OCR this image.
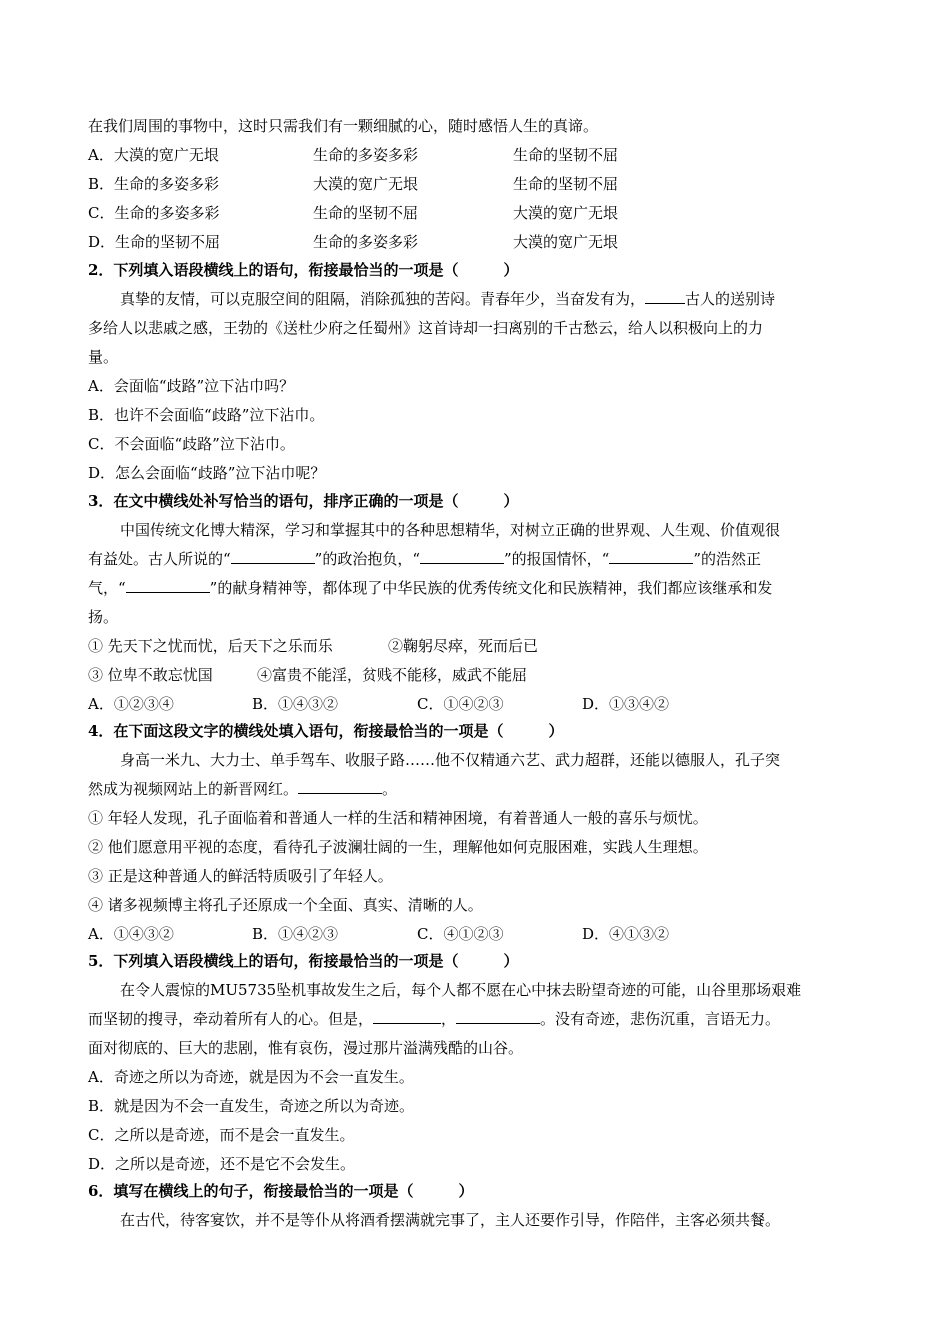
在我们周围的事物中，这时只需我们有一颗细腻的心，随时感悟人生的真谛。
A．大漠的宽广无垠	生命的多姿多彩	生命的坚韧不屈
B．生命的多姿多彩	大漠的宽广无垠	生命的坚韧不屈
C．生命的多姿多彩	生命的坚韧不屈	大漠的宽广无垠
D．生命的坚韧不屈	生命的多姿多彩	大漠的宽广无垠
2．下列填入语段横线上的语句，衔接最恰当的一项是（　　　）
真挚的友情，可以克服空间的阻隔，消除孤独的苦闷。青春年少，当奋发有为，	古人的送别诗
多给人以悲戚之感，王勃的《送杜少府之任蜀州》这首诗却一扫离别的千古愁云，给人以积极向上的力
量。
A．会面临“歧路”泣下沾巾吗？
B．也许不会面临“歧路”泣下沾巾。
C．不会面临“歧路”泣下沾巾。
D．怎么会面临“歧路”泣下沾巾呢？
3．在文中横线处补写恰当的语句，排序正确的一项是（　　　）
中国传统文化博大精深，学习和掌握其中的各种思想精华，对树立正确的世界观、人生观、价值观很
有益处。古人所说的“	”的政治抱负，“	”的报国情怀，“	”的浩然正
气，“	”的献身精神等，都体现了中华民族的优秀传统文化和民族精神，我们都应该继承和发
扬。
① 先天下之忧而忧，后天下之乐而乐	②鞠躬尽瘁，死而后已
③ 位卑不敢忘忧国	④富贵不能淫，贫贱不能移，威武不能屈
A．①②③④	B．①④③②	C．①④②③	D．①③④②
4．在下面这段文字的横线处填入语句，衔接最恰当的一项是（　　　）
身高一米九、大力士、单手驾车、收服子路……他不仅精通六艺、武力超群，还能以德服人，孔子突
然成为视频网站上的新晋网红。	。
① 年轻人发现，孔子面临着和普通人一样的生活和精神困境，有着普通人一般的喜乐与烦忧。
② 他们愿意用平视的态度，看待孔子波澜壮阔的一生，理解他如何克服困难，实践人生理想。
③ 正是这种普通人的鲜活特质吸引了年轻人。
④ 诸多视频博主将孔子还原成一个全面、真实、清晰的人。
A．①④③②	B．①④②③	C．④①②③	D．④①③②
5．下列填入语段横线上的语句，衔接最恰当的一项是（　　　）
在令人震惊的MU5735坠机事故发生之后，每个人都不愿在心中抹去盼望奇迹的可能，山谷里那场艰难
而坚韧的搜寻，牵动着所有人的心。但是，	，	。没有奇迹，悲伤沉重，言语无力。
面对彻底的、巨大的悲剧，惟有哀伤，漫过那片溢满残酷的山谷。
A．奇迹之所以为奇迹，就是因为不会一直发生。
B．就是因为不会一直发生，奇迹之所以为奇迹。
C．之所以是奇迹，而不是会一直发生。
D．之所以是奇迹，还不是它不会发生。
6．填写在横线上的句子，衔接最恰当的一项是（　　　）
在古代，待客宴饮，并不是等仆从将酒肴摆满就完事了，主人还要作引导，作陪伴，主客必须共餐。
